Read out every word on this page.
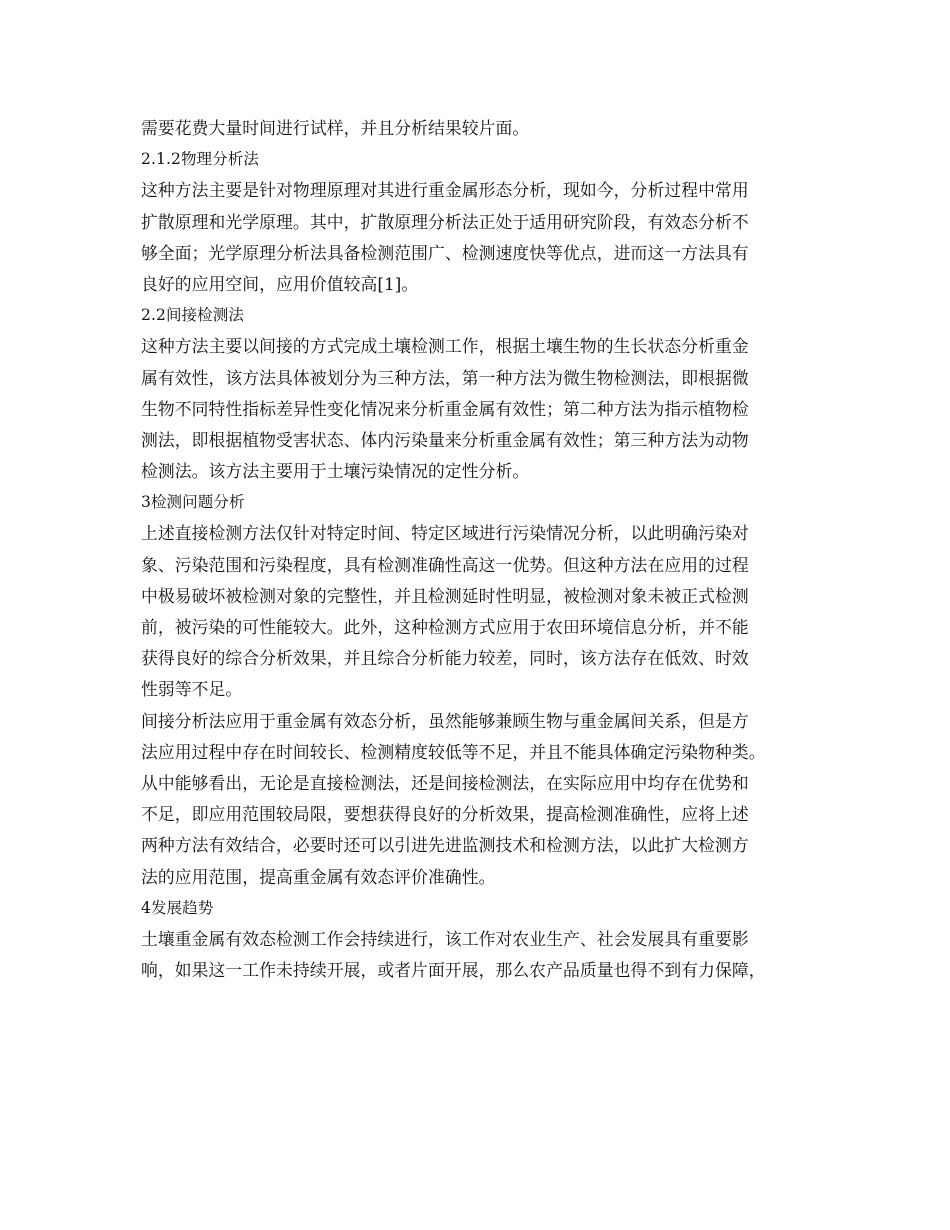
需要花费大量时间进行试样，并且分析结果较片面。
2.1.2物理分析法
这种方法主要是针对物理原理对其进行重金属形态分析，现如今，分析过程中常用
扩散原理和光学原理。其中，扩散原理分析法正处于适用研究阶段，有效态分析不
够全面；光学原理分析法具备检测范围广、检测速度快等优点，进而这一方法具有
良好的应用空间，应用价值较高[1]。
2.2间接检测法
这种方法主要以间接的方式完成土壤检测工作，根据土壤生物的生长状态分析重金
属有效性，该方法具体被划分为三种方法，第一种方法为微生物检测法，即根据微
生物不同特性指标差异性变化情况来分析重金属有效性；第二种方法为指示植物检
测法，即根据植物受害状态、体内污染量来分析重金属有效性；第三种方法为动物
检测法。该方法主要用于土壤污染情况的定性分析。
3检测问题分析
上述直接检测方法仅针对特定时间、特定区域进行污染情况分析，以此明确污染对
象、污染范围和污染程度，具有检测准确性高这一优势。但这种方法在应用的过程
中极易破坏被检测对象的完整性，并且检测延时性明显，被检测对象未被正式检测
前，被污染的可性能较大。此外，这种检测方式应用于农田环境信息分析，并不能
获得良好的综合分析效果，并且综合分析能力较差，同时，该方法存在低效、时效
性弱等不足。
间接分析法应用于重金属有效态分析，虽然能够兼顾生物与重金属间关系，但是方
法应用过程中存在时间较长、检测精度较低等不足，并且不能具体确定污染物种类。
从中能够看出，无论是直接检测法，还是间接检测法，在实际应用中均存在优势和
不足，即应用范围较局限，要想获得良好的分析效果，提高检测准确性，应将上述
两种方法有效结合，必要时还可以引进先进监测技术和检测方法，以此扩大检测方
法的应用范围，提高重金属有效态评价准确性。
4发展趋势
土壤重金属有效态检测工作会持续进行，该工作对农业生产、社会发展具有重要影
响，如果这一工作未持续开展，或者片面开展，那么农产品质量也得不到有力保障，
